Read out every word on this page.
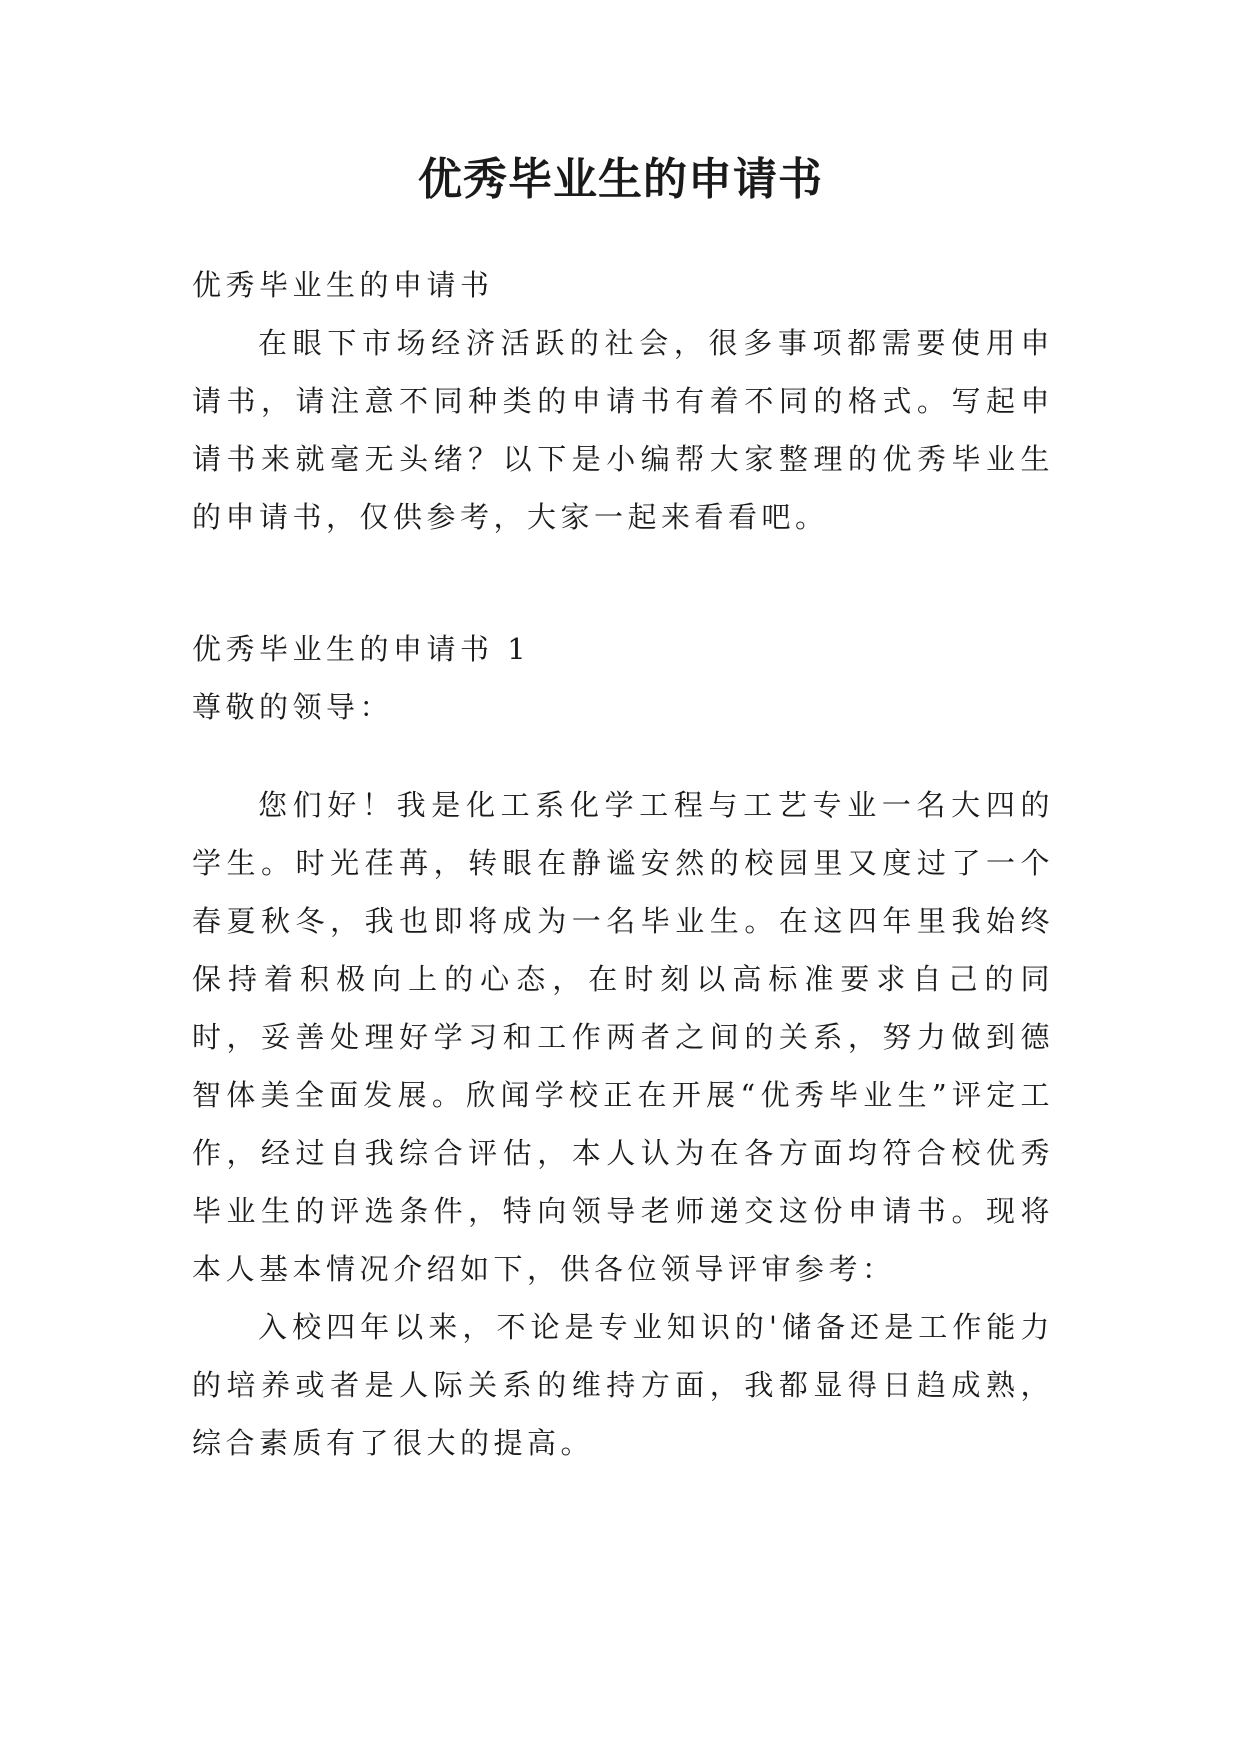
优秀毕业生的申请书

优秀毕业生的申请书

在眼下市场经济活跃的社会，很多事项都需要使用申请书，请注意不同种类的申请书有着不同的格式。写起申请书来就毫无头绪？以下是小编帮大家整理的优秀毕业生的申请书，仅供参考，大家一起来看看吧。

优秀毕业生的申请书 1

尊敬的领导：

您们好！我是化工系化学工程与工艺专业一名大四的学生。时光荏苒，转眼在静谧安然的校园里又度过了一个春夏秋冬，我也即将成为一名毕业生。在这四年里我始终保持着积极向上的心态，在时刻以高标准要求自己的同时，妥善处理好学习和工作两者之间的关系，努力做到德智体美全面发展。欣闻学校正在开展“优秀毕业生”评定工作，经过自我综合评估，本人认为在各方面均符合校优秀毕业生的评选条件，特向领导老师递交这份申请书。现将本人基本情况介绍如下，供各位领导评审参考：

入校四年以来，不论是专业知识的'储备还是工作能力的培养或者是人际关系的维持方面，我都显得日趋成熟，综合素质有了很大的提高。
